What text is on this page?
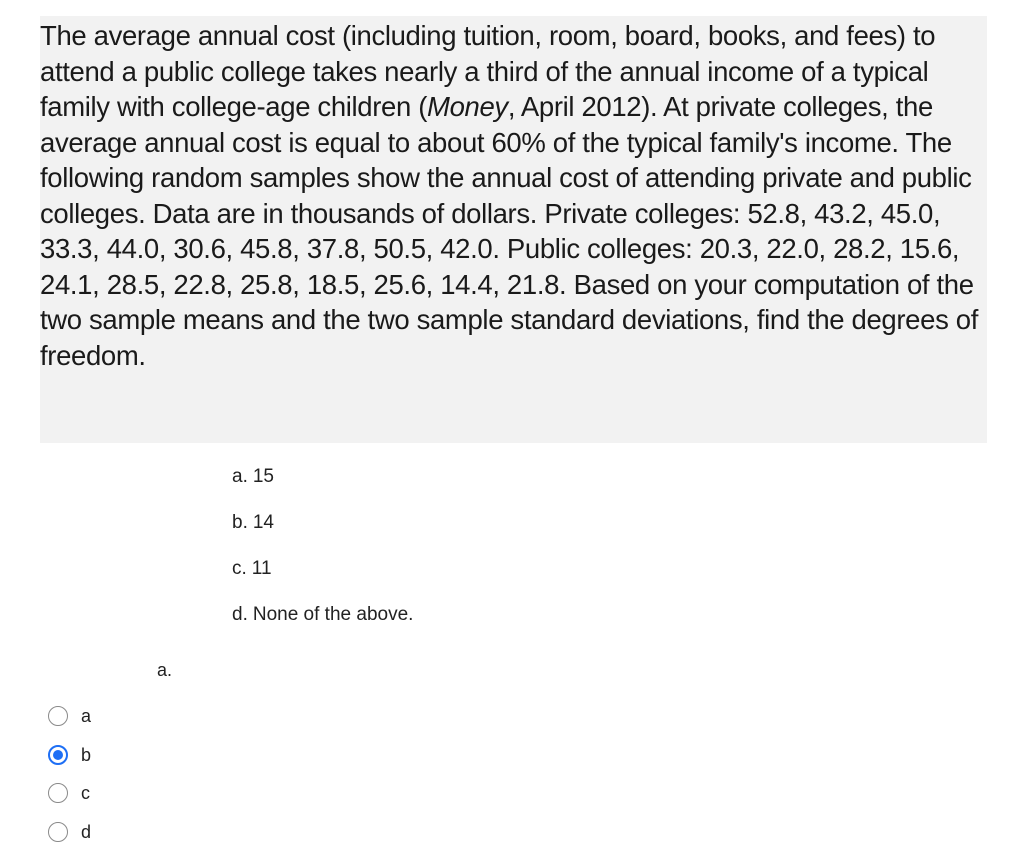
The average annual cost (including tuition, room, board, books, and fees) to attend a public college takes nearly a third of the annual income of a typical family with college-age children (Money, April 2012). At private colleges, the average annual cost is equal to about 60% of the typical family's income. The following random samples show the annual cost of attending private and public colleges. Data are in thousands of dollars. Private colleges: 52.8, 43.2, 45.0, 33.3, 44.0, 30.6, 45.8, 37.8, 50.5, 42.0. Public colleges: 20.3, 22.0, 28.2, 15.6, 24.1, 28.5, 22.8, 25.8, 18.5, 25.6, 14.4, 21.8. Based on your computation of the two sample means and the two sample standard deviations, find the degrees of freedom.

a. 15
b. 14
c. 11
d. None of the above.
a.
a
b
c
d
